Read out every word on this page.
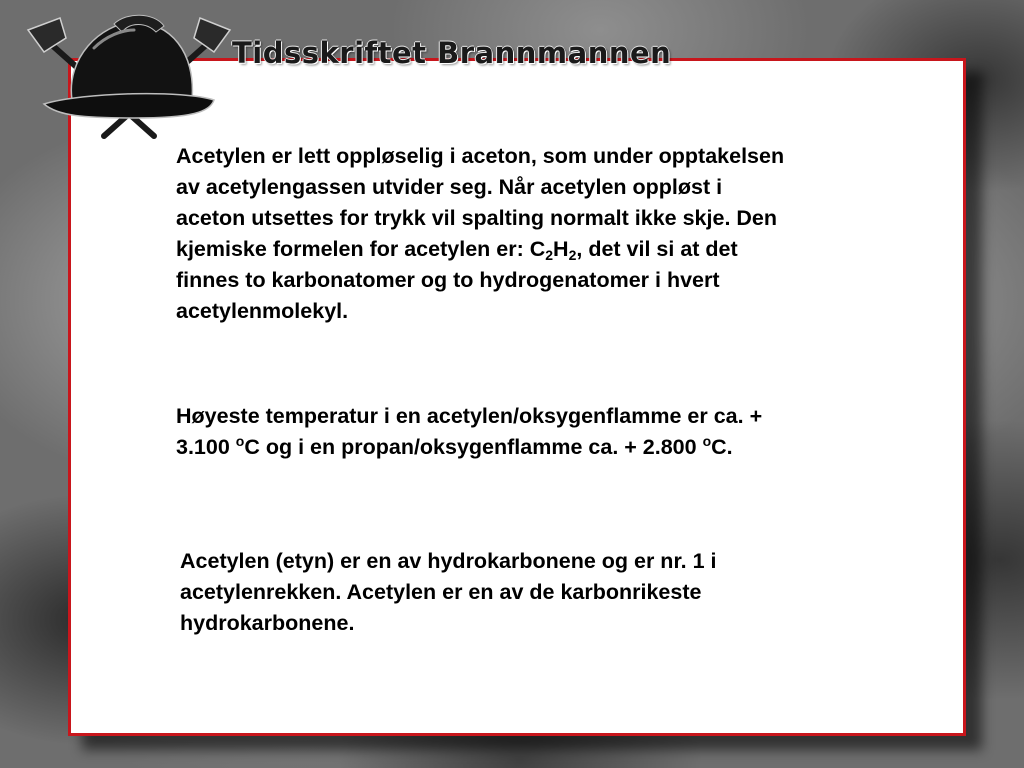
Tidsskriftet Brannmannen

Acetylen er lett oppløselig i aceton, som under opptakelsen av acetylengassen utvider seg. Når acetylen oppløst i aceton utsettes for trykk vil spalting normalt ikke skje. Den kjemiske formelen for acetylen er: $C_2H_2$, det vil si at det finnes to karbonatomer og to hydrogenatomer i hvert acetylenmolekyl.

Høyeste temperatur i en acetylen/oksygenflamme er ca. + 3.100 $^o$C og i en propan/oksygenflamme ca. + 2.800 $^o$C.

Acetylen (etyn) er en av hydrokarbonene og er nr. 1 i acetylenrekken. Acetylen er en av de karbonrikeste hydrokarbonene.
